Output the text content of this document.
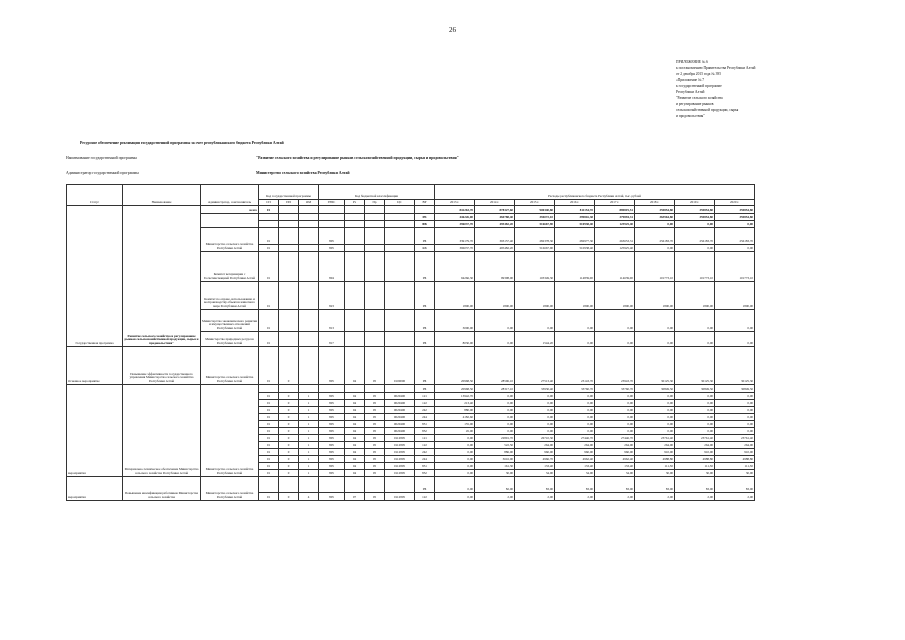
26
ПРИЛОЖЕНИЕ № 6
к постановлению Правительства Республики Алтай
от 2 декабря 2015 года № 395
«Приложение № 7
к государственной программе
Республики Алтай
"Развитие сельского хозяйства
и регулирование рынков
сельскохозяйственной продукции, сырья
и продовольствия"
Ресурсное обеспечение реализации государственной программы за счет республиканского бюджета Республики Алтай
Наименование государственной программы	"Развитие сельского хозяйства и регулирование рынков сельскохозяйственной продукции, сырья и продовольствия"
Администратор государственной программы	Министерство сельского хозяйства Республики Алтай
Статус	Наименование	Администратор, соисполнитель	Код государственной программы			Код бюджетной классификации					Расходы республиканского бюджета Республики Алтай, тыс. рублей							
			СП	ПП	ОМ	ГРБС	Рз	Пр	ЦС	ВР	2013 г.	2014 г.	2015 г.	2016 г.	2017 г.	2018 г.	2019 г.	2020 г.
Государственная программа	Развитие сельского хозяйства и регулирование рынков сельскохозяйственной продукции, сырья и продовольствия"	всего	01								842263,70	878327,60	900340,80	811154,70	889819,51	359854,80	359854,80	359854,80
										РБ	446226,00	484788,40	394072,10	399816,38	379894,31	365964,80	359854,80	359854,80
										ФБ	396037,70	495482,20	516667,90	510938,40	125925,40	0,00	0,00	0,00
		Министерство сельского хозяйства Республики Алтай	01			805				РБ	339179,70	393157,40	282378,30	282977,30	263653,31	256183,70	256183,70	256183,70
			01			805				ФБ	396037,70	495482,20	516667,90	510938,40	125925,40	0,00	0,00	0,00
		Комитет ветеринарии с Госветинспекцией Республики Алтай	01			804				РБ	94266,30	99398,00	103349,30	114839,00	114639,00	101773,10	101773,10	101773,10
		Комитет по охране, использованию и воспроизводству объектов животного мира Республики Алтай	01			823				РБ	1800,00	1800,00	1800,00	1800,00	1800,00	1800,00	1800,00	1800,00
		Министерство экономического развития и имущественных отношений Республики Алтай	01			813				РБ	3000,00	0,00	0,00	0,00	0,00	0,00	0,00	0,00
		Министерство природных ресурсов Республики Алтай	01			817				РБ	8030,00	0,00	1544,20	0,00	0,00	0,00	0,00	0,00
Основное мероприятие	Повышение эффективности государственного управления Министерства сельского хозяйства Республики Алтай	Министерство сельского хозяйства Республики Алтай	01	0		805	04	05	0100000	РБ	20968,50	28596,10	27513,40	23143,70	23943,70	30125,30	30125,30	30125,30
мероприятия	Материально-техническое обеспечение Министерства сельского хозяйства Республики Алтай	Министерство сельского хозяйства Республики Алтай								РБ	20968,50	28317,10	33930,40	33760,70	33760,70	30849,50	30849,50	30849,50
			01	0	1	805	04	05	0020400	121	13942,70	0,00	0,00	0,00	0,00	0,00	0,00	0,00
			01	0	1	805	04	05	0020400	122	213,40	0,00	0,00	0,00	0,00	0,00	0,00	0,00
			01	0	1	805	04	05	0020400	242	880,00	0,00	0,00	0,00	0,00	0,00	0,00	0,00
			01	0	1	805	04	05	0020400	244	4182,60	0,00	0,00	0,00	0,00	0,00	0,00	0,00
			01	0	1	805	04	05	0020400	851	155,00	0,00	0,00	0,00	0,00	0,00	0,00	0,00
			01	0	1	805	04	05	0020400	852	45,00	0,00	0,00	0,00	0,00	0,00	0,00	0,00
			01	0	1	805	04	05	0112805	121	0,00	22891,70	26710,30	27446,70	27446,70	23761,40	23761,40	23761,40
			01	0	1	805	04	05	0112805	122	0,00	522,50	264,00	264,00	264,00	264,00	264,00	264,00
			01	0	1	805	04	05	0112805	242	0,00	886,00	960,00	960,00	960,00	910,00	910,00	910,00
			01	0	1	805	04	05	0112805	244	0,00	3616,00	4966,70	4962,40	4962,40	4988,80	4988,80	4988,80
			01	0	1	805	04	05	0112805	851	0,00	161,30	133,40	133,40	133,40	111,30	111,30	111,30
			01	0	1	805	04	05	0112805	852	0,00	30,00	34,00	34,00	34,00	30,00	30,00	30,00
мероприятия	Повышение квалификации работников Министерства сельского хозяйства	Министерство сельского хозяйства Республики Алтай								РБ	0,00	82,00	83,00	83,00	83,00	83,00	83,00	83,00
			01	0	4	805	07	05	0112805	122	0,00	2,00	2,00	2,00	2,00	2,00	2,00	2,00
